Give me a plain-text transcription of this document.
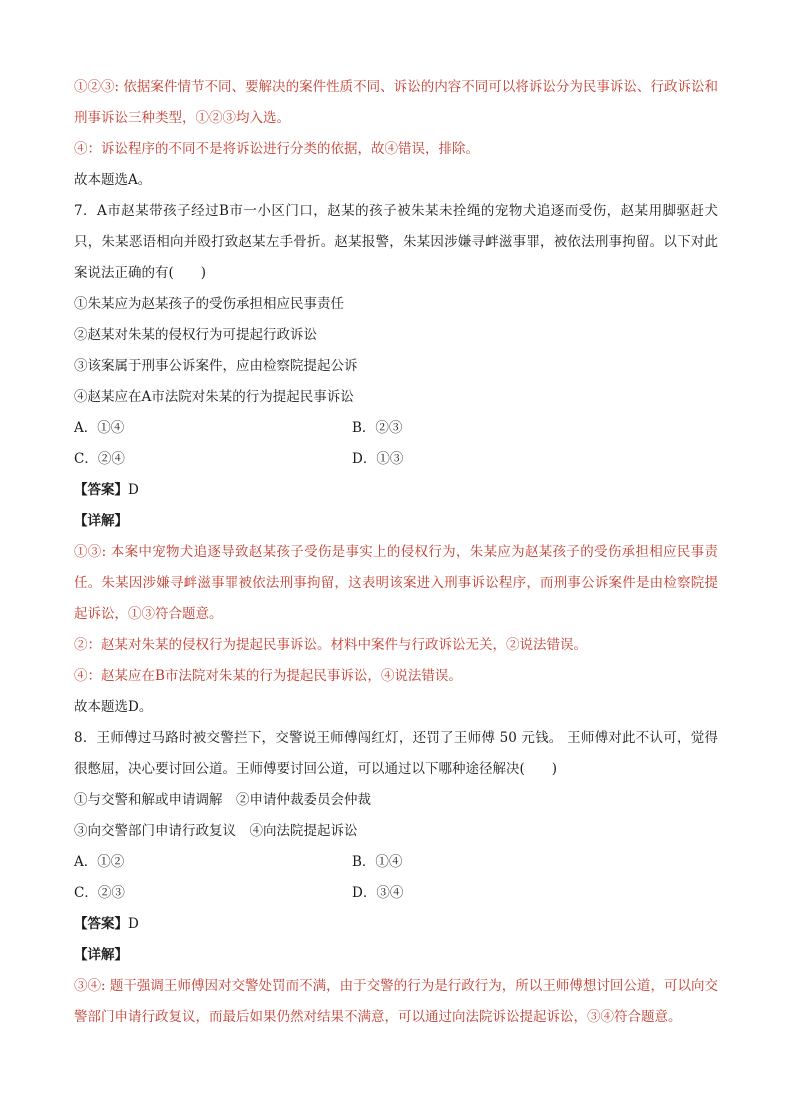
①②③: 依据案件情节不同、要解决的案件性质不同、诉讼的内容不同可以将诉讼分为民事诉讼、行政诉讼和刑事诉讼三种类型，①②③均入选。
④：诉讼程序的不同不是将诉讼进行分类的依据，故④错误，排除。
故本题选A。
7．A市赵某带孩子经过B市一小区门口，赵某的孩子被朱某未拴绳的宠物犬追逐而受伤，赵某用脚驱赶犬只，朱某恶语相向并殴打致赵某左手骨折。赵某报警，朱某因涉嫌寻衅滋事罪，被依法刑事拘留。以下对此案说法正确的有(　　)
①朱某应为赵某孩子的受伤承担相应民事责任
②赵某对朱某的侵权行为可提起行政诉讼
③该案属于刑事公诉案件，应由检察院提起公诉
④赵某应在A市法院对朱某的行为提起民事诉讼
A．①④	B．②③
C．②④	D．①③
【答案】D
【详解】
①③: 本案中宠物犬追逐导致赵某孩子受伤是事实上的侵权行为，朱某应为赵某孩子的受伤承担相应民事责任。朱某因涉嫌寻衅滋事罪被依法刑事拘留，这表明该案进入刑事诉讼程序，而刑事公诉案件是由检察院提起诉讼，①③符合题意。
②：赵某对朱某的侵权行为提起民事诉讼。材料中案件与行政诉讼无关，②说法错误。
④：赵某应在B市法院对朱某的行为提起民事诉讼，④说法错误。
故本题选D。
8．王师傅过马路时被交警拦下，交警说王师傅闯红灯，还罚了王师傅 50 元钱。 王师傅对此不认可，觉得很憋屈，决心要讨回公道。王师傅要讨回公道，可以通过以下哪种途径解决(　　)
①与交警和解或申请调解　②申请仲裁委员会仲裁
③向交警部门申请行政复议　④向法院提起诉讼
A．①②	B．①④
C．②③	D．③④
【答案】D
【详解】
③④: 题干强调王师傅因对交警处罚而不满，由于交警的行为是行政行为，所以王师傅想讨回公道，可以向交警部门申请行政复议，而最后如果仍然对结果不满意，可以通过向法院诉讼提起诉讼，③④符合题意。
